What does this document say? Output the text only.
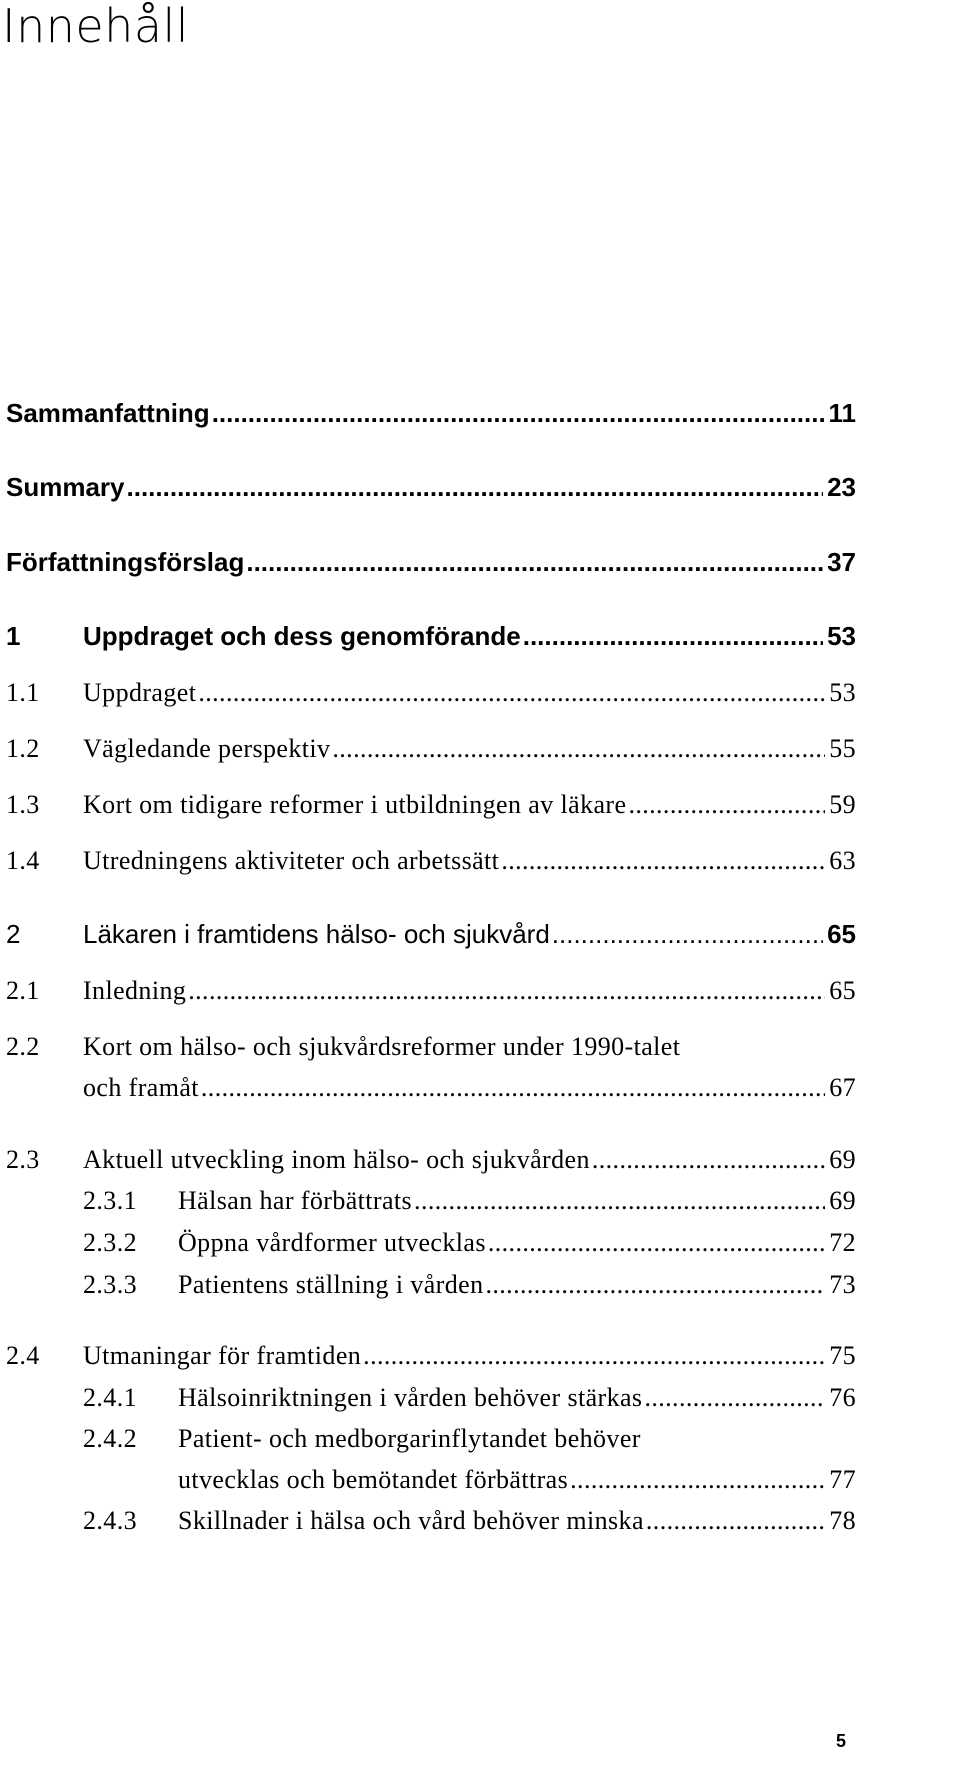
Innehåll
Sammanfattning .....	11
Summary .....	23
Författningsförslag .....	37
1	Uppdraget och dess genomförande .....	53
1.1	Uppdraget .....	53
1.2	Vägledande perspektiv .....	55
1.3	Kort om tidigare reformer i utbildningen av läkare .....	59
1.4	Utredningens aktiviteter och arbetssätt .....	63
2	Läkaren i framtidens hälso- och sjukvård .....	65
2.1	Inledning .....	65
2.2 Kort om hälso- och sjukvårdsreformer under 1990-talet
och framåt .....	67
2.3	Aktuell utveckling inom hälso- och sjukvården .....	69
2.3.1	Hälsan har förbättrats .....	69
2.3.2	Öppna vårdformer utvecklas .....	72
2.3.3	Patientens ställning i vården .....	73
2.4	Utmaningar för framtiden .....	75
2.4.1	Hälsoinriktningen i vården behöver stärkas .....	76
2.4.2 Patient- och medborgarinflytandet behöver
utvecklas och bemötandet förbättras .....	77
2.4.3	Skillnader i hälsa och vård behöver minska .....	78
5
